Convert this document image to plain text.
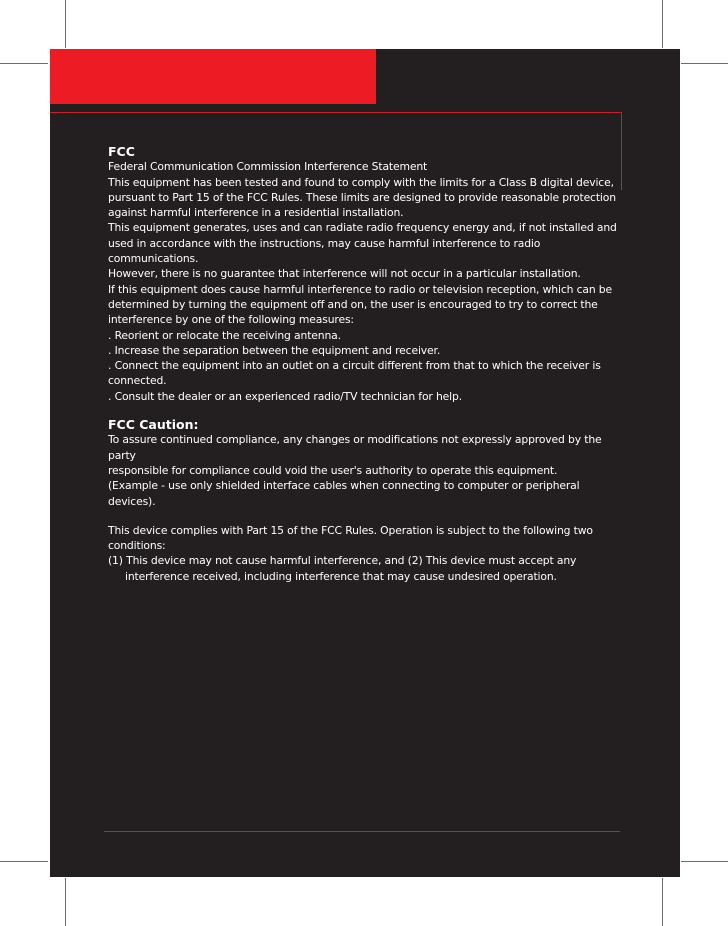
FCC

Federal Communication Commission Interference Statement

This equipment has been tested and found to comply with the limits for a Class B digital device,

pursuant to Part 15 of the FCC Rules. These limits are designed to provide reasonable protection

against harmful interference in a residential installation.

This equipment generates, uses and can radiate radio frequency energy and, if not installed and

used in accordance with the instructions, may cause harmful interference to radio communications.

However, there is no guarantee that interference will not occur in a particular installation.

If this equipment does cause harmful interference to radio or television reception, which can be

determined by turning the equipment off and on, the user is encouraged to try to correct the

interference by one of the following measures:

. Reorient or relocate the receiving antenna.

. Increase the separation between the equipment and receiver.

. Connect the equipment into an outlet on a circuit different from that to which the receiver is

connected.

. Consult the dealer or an experienced radio/TV technician for help.

FCC Caution:

To assure continued compliance, any changes or modifications not expressly approved by the party

responsible for compliance could void the user's authority to operate this equipment.

(Example - use only shielded interface cables when connecting to computer or peripheral devices).

This device complies with Part 15 of the FCC Rules. Operation is subject to the following two

conditions:

(1) This device may not cause harmful interference, and (2) This device must accept any

interference received, including interference that may cause undesired operation.
